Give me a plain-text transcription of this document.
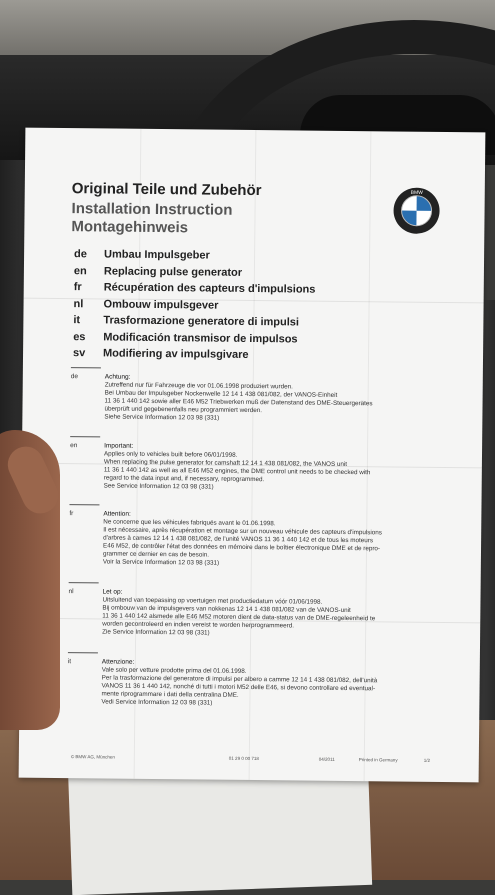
Original Teile und Zubehör
Installation Instruction
Montagehinweis
BMW
de	Umbau Impulsgeber
en	Replacing pulse generator
fr	Récupération des capteurs d'impulsions
nl	Ombouw impulsgever
it	Trasformazione generatore di impulsi
es	Modificación transmisor de impulsos
sv	Modifiering av impulsgivare
de	Achtung:
Zutreffend nur für Fahrzeuge die vor 01.06.1998 produziert wurden.
Bei Umbau der Impulsgeber Nockenwelle 12 14 1 438 081/082, der VANOS-Einheit
11 36 1 440 142 sowie aller E46 M52 Triebwerken muß der Datenstand des DME-Steuergerätes
überprüft und gegebenenfalls neu programmiert werden.
Siehe Service Information 12 03 98 (331)
en	Important:
Applies only to vehicles built before 06/01/1998.
When replacing the pulse generator for camshaft 12 14 1 438 081/082, the VANOS unit
11 36 1 440 142 as well as all E46 M52 engines, the DME control unit needs to be checked with
regard to the data input and, if necessary, reprogrammed.
See Service Information 12 03 98 (331)
fr	Attention:
Ne concerne que les véhicules fabriqués avant le 01.06.1998.
Il est nécessaire, après récupération et montage sur un nouveau véhicule des capteurs d'impulsions
d'arbres à cames 12 14 1 438 081/082, de l'unité VANOS 11 36 1 440 142 et de tous les moteurs
E46 M52, de contrôler l'état des données en mémoire dans le boîtier électronique DME et de repro-
grammer ce dernier en cas de besoin.
Voir la Service Information 12 03 98 (331)
nl	Let op:
Uitsluitend van toepassing op voertuigen met productiedatum vóór 01/06/1998.
Bij ombouw van de impulsgevers van nokkenas 12 14 1 438 081/082 van de VANOS-unit
11 36 1 440 142 alsmede alle E46 M52 motoren dient de data-status van de DME-regeleenheid te
worden gecontroleerd en indien vereist te worden herprogrammeerd.
Zie Service Information 12 03 98 (331)
it	Attenzione:
Vale solo per vetture prodotte prima del 01.06.1998.
Per la trasformazione del generatore di impulsi per albero a camme 12 14 1 438 081/082, dell'unità
VANOS 11 36 1 440 142, nonché di tutti i motori M52 delle E46, si devono controllare ed eventual-
mente riprogrammare i dati della centralina DME.
Vedi Service Information 12 03 98 (331)
© BMW AG, München	01 29 0 00 718	04/2011	Printed in Germany	1/2
